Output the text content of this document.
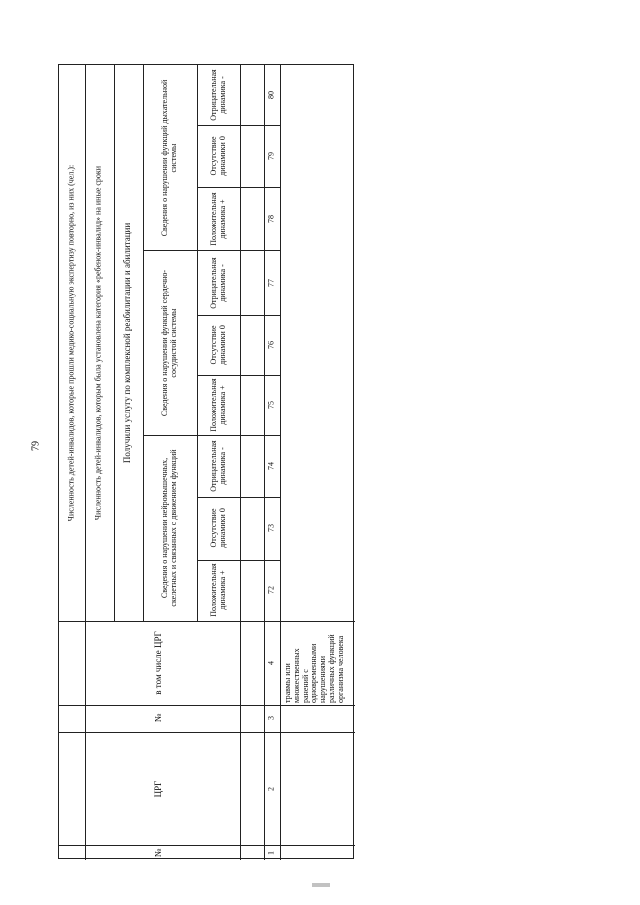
79	Численность детей-инвалидов, которые прошли медико-социальную экспертизу повторно, из них (чел.): Численность детей-инвалидов, которым была установлена категория «ребенок-инвалид» на иные сроки Получили услугу по комплексной реабилитации и абилитации
Сведения о нарушении функций дыхательной системы
Сведения о нарушении функций сердечно-сосудистой системы
Сведения о нарушении нейромышечных, скелетных и связанных с движением функций
Отрицательная динамика -
Отсутствие динамики 0
Положительная динамика +
Отрицательная динамика -
Отсутствие динамики 0
Положительная динамика +
Отрицательная динамика -
Отсутствие динамики 0
Положительная динамика +
80
79
78
77
76
75
74
73
72
в том числе ЦРГ
№
ЦРГ
№
4
3
2
1
травмы или множественных ранений с одновременными нарушениями различных функций организма человека
